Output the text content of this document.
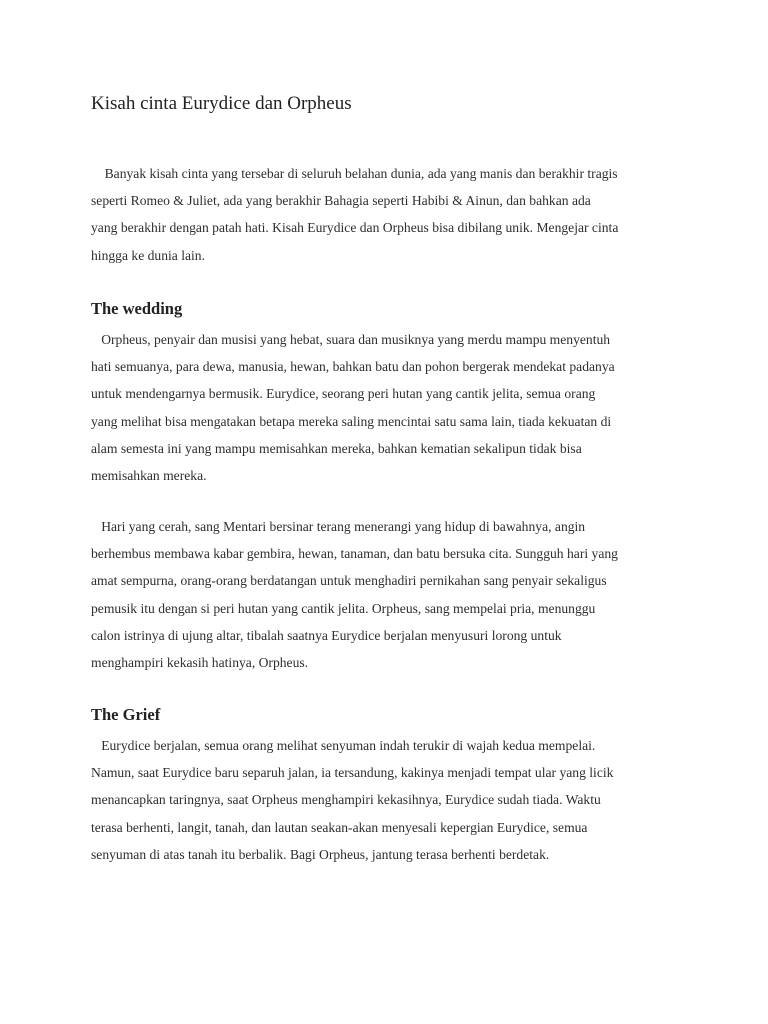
Kisah cinta Eurydice dan Orpheus

Banyak kisah cinta yang tersebar di seluruh belahan dunia, ada yang manis dan berakhir tragis
seperti Romeo & Juliet, ada yang berakhir Bahagia seperti Habibi & Ainun, dan bahkan ada
yang berakhir dengan patah hati. Kisah Eurydice dan Orpheus bisa dibilang unik. Mengejar cinta
hingga ke dunia lain.

The wedding

Orpheus, penyair dan musisi yang hebat, suara dan musiknya yang merdu mampu menyentuh
hati semuanya, para dewa, manusia, hewan, bahkan batu dan pohon bergerak mendekat padanya
untuk mendengarnya bermusik. Eurydice, seorang peri hutan yang cantik jelita, semua orang
yang melihat bisa mengatakan betapa mereka saling mencintai satu sama lain, tiada kekuatan di
alam semesta ini yang mampu memisahkan mereka, bahkan kematian sekalipun tidak bisa
memisahkan mereka.

Hari yang cerah, sang Mentari bersinar terang menerangi yang hidup di bawahnya, angin
berhembus membawa kabar gembira, hewan, tanaman, dan batu bersuka cita. Sungguh hari yang
amat sempurna, orang-orang berdatangan untuk menghadiri pernikahan sang penyair sekaligus
pemusik itu dengan si peri hutan yang cantik jelita. Orpheus, sang mempelai pria, menunggu
calon istrinya di ujung altar, tibalah saatnya Eurydice berjalan menyusuri lorong untuk
menghampiri kekasih hatinya, Orpheus.

The Grief

Eurydice berjalan, semua orang melihat senyuman indah terukir di wajah kedua mempelai.
Namun, saat Eurydice baru separuh jalan, ia tersandung, kakinya menjadi tempat ular yang licik
menancapkan taringnya, saat Orpheus menghampiri kekasihnya, Eurydice sudah tiada. Waktu
terasa berhenti, langit, tanah, dan lautan seakan-akan menyesali kepergian Eurydice, semua
senyuman di atas tanah itu berbalik. Bagi Orpheus, jantung terasa berhenti berdetak.
